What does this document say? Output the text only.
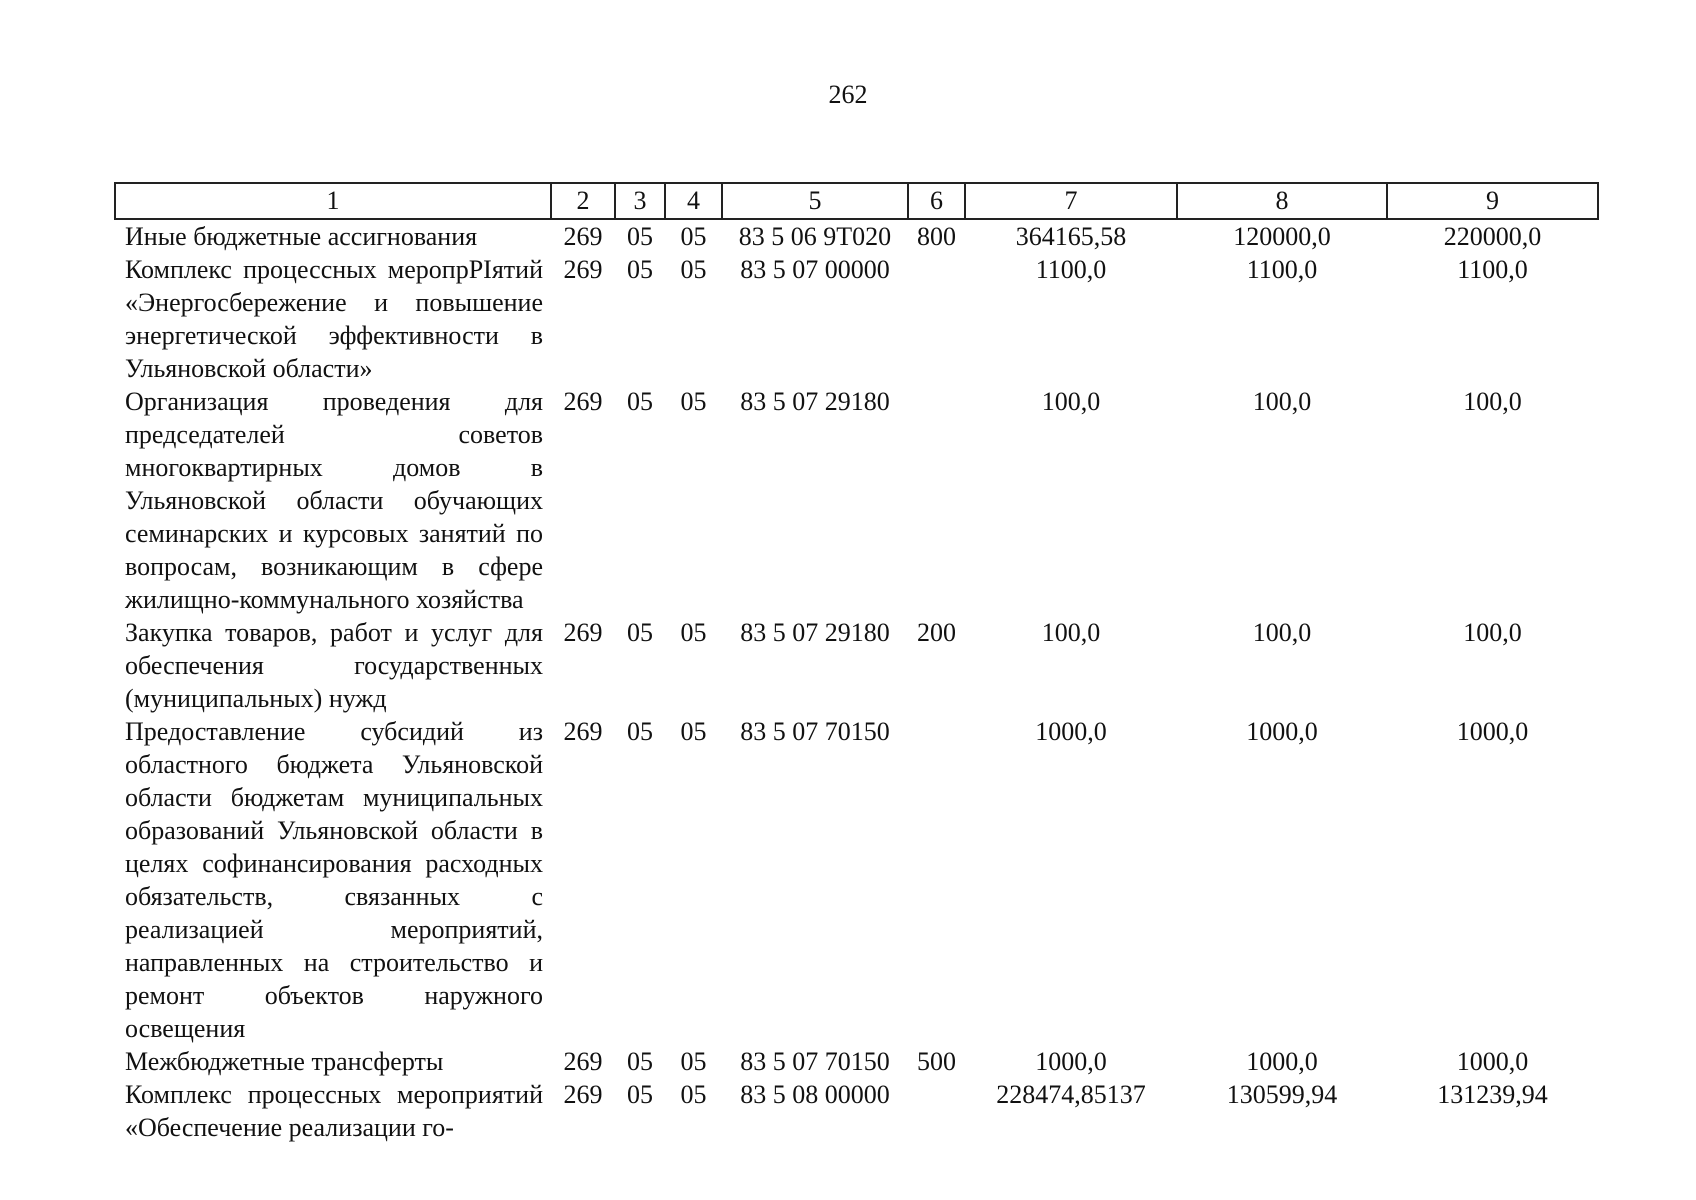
262
1	2	3	4	5	6	7	8	9
Иные бюджетные ассигнования	269	05	05	83 5 06 9Т020	800	364165,58	120000,0	220000,0
Комплекс процессных меропрPIятий «Энергосбережение и повышение энергетической эффективности в Ульяновской области»	269	05	05	83 5 07 00000		1100,0	1100,0	1100,0
Организация проведения для председателей советов многоквартирных домов в Ульяновской области обучающих семинарских и курсовых занятий по вопросам, возникающим в сфере жилищно-коммунального хозяйства	269	05	05	83 5 07 29180		100,0	100,0	100,0
Закупка товаров, работ и услуг для обеспечения государственных (муниципальных) нужд	269	05	05	83 5 07 29180	200	100,0	100,0	100,0
Предоставление субсидий из областного бюджета Ульяновской области бюджетам муниципальных образований Ульяновской области в целях софинансирования расходных обязательств, связанных с реализацией мероприятий, направленных на строительство и ремонт объектов наружного освещения	269	05	05	83 5 07 70150		1000,0	1000,0	1000,0
Межбюджетные трансферты	269	05	05	83 5 07 70150	500	1000,0	1000,0	1000,0
Комплекс процессных мероприятий «Обеспечение реализации го-	269	05	05	83 5 08 00000		228474,85137	130599,94	131239,94
